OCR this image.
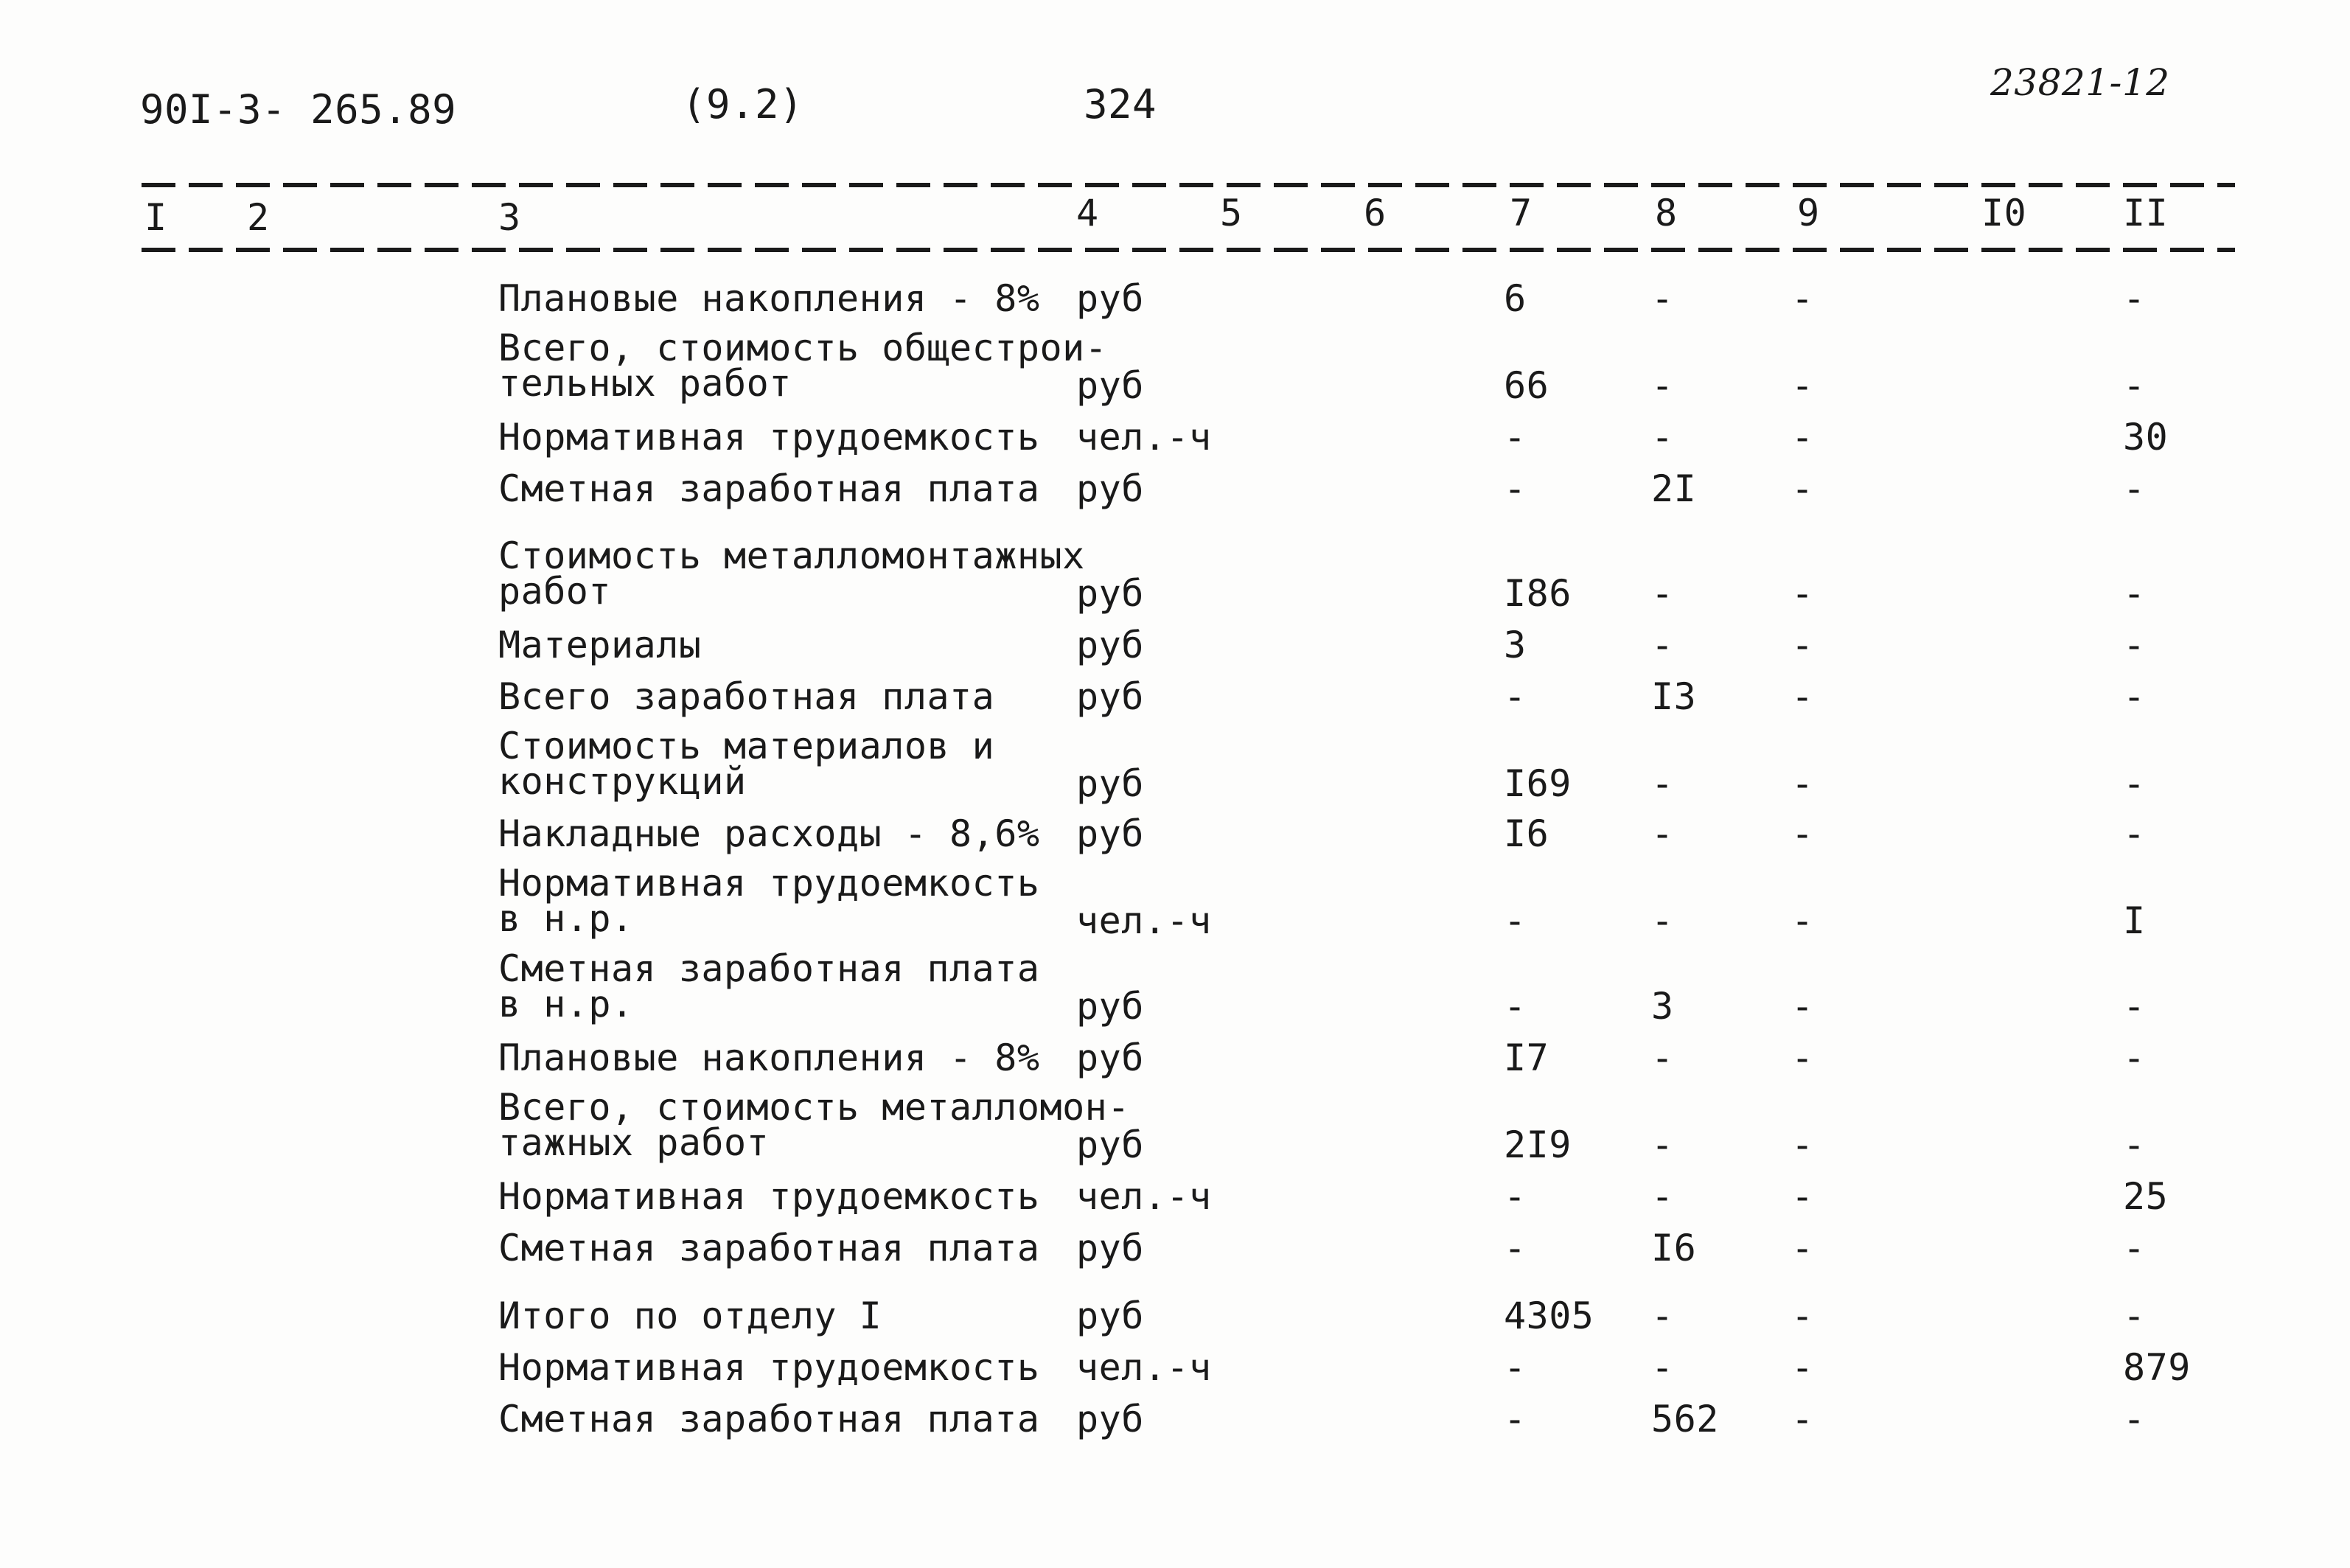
90I-3- 265.89	(9.2)	324	23821-12
I 2	3	4	5	6	7	8	9	I0	II
Плановые накопления - 8% руб	6	-	-	-
Всего, стоимость общестрои-
тельных работ	руб	66	-	-	-
Нормативная трудоемкость чел.-ч	-	-	-	30
Сметная заработная плата руб	-	2I	-	-
Стоимость металломонтажных
работ	руб	I86 -	-	-
Материалы	руб	3	-	-	-
Всего заработная плата руб	-	I3	-	-
Стоимость материалов и
конструкций	руб	I69 -	-	-
Накладные расходы - 8,6% руб	I6	-	-	-
Нормативная трудоемкость
в н.р.	чел.-ч	-	-	-	I
Сметная заработная плата
в н.р.	руб	-	3	-	-
Плановые накопления - 8% руб	I7	-	-	-
Всего, стоимость металломон-
тажных работ	руб	2I9 -	-	-
Нормативная трудоемкость чел.-ч	-	-	-	25
Сметная заработная плата руб	-	I6	-	-
Итого по отделу I	руб	4305 -	-	-
Нормативная трудоемкость чел.-ч	-	-	-	879
Сметная заработная плата руб	-	562 -	-
